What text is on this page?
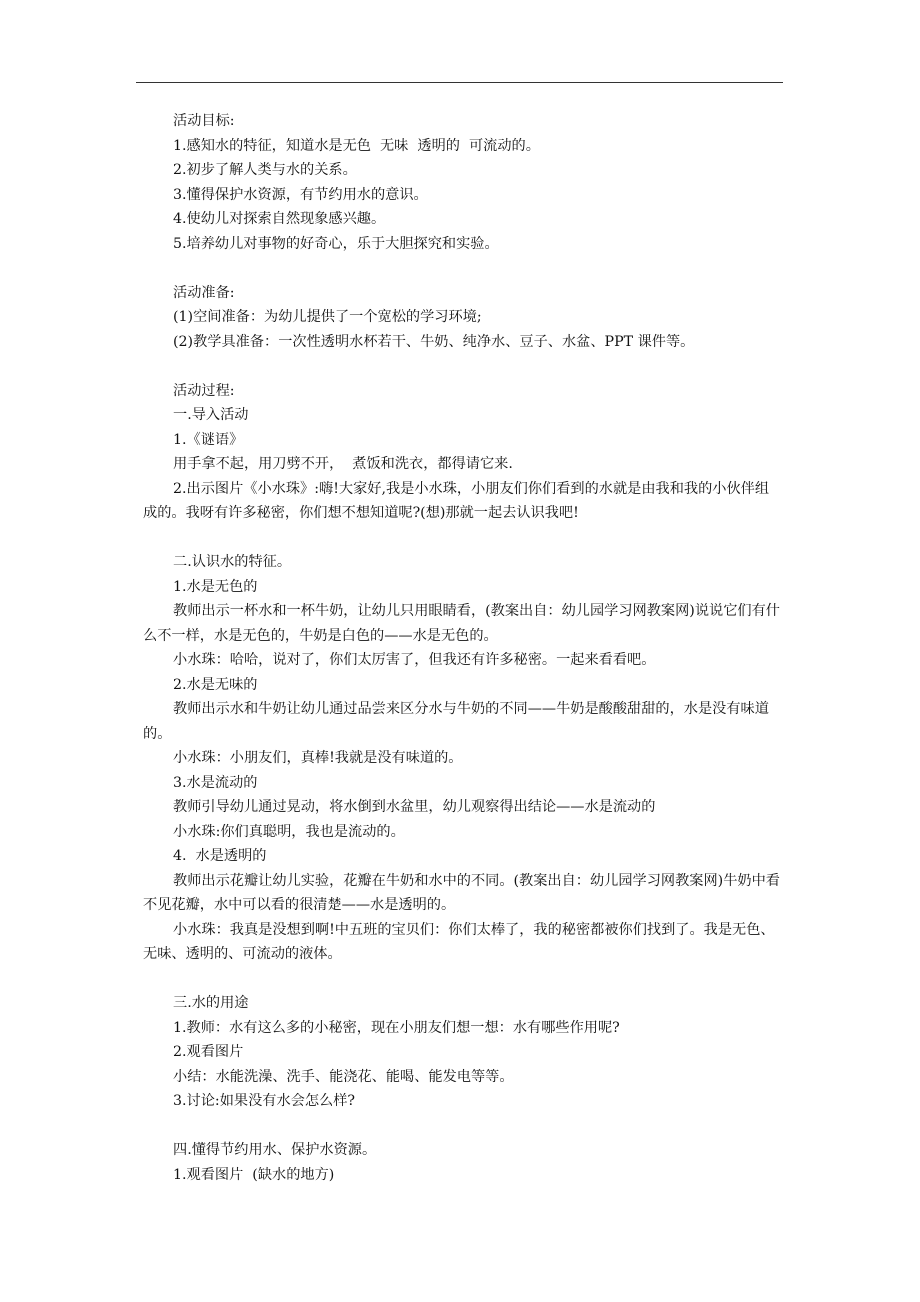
活动目标:

1.感知水的特征，知道水是无色  无味  透明的  可流动的。

2.初步了解人类与水的关系。

3.懂得保护水资源，有节约用水的意识。

4.使幼儿对探索自然现象感兴趣。

5.培养幼儿对事物的好奇心，乐于大胆探究和实验。

活动准备:

(1)空间准备：为幼儿提供了一个宽松的学习环境;

(2)教学具准备：一次性透明水杯若干、牛奶、纯净水、豆子、水盆、PPT 课件等。

活动过程:

一.导入活动

1.《谜语》

用手拿不起，用刀劈不开，  煮饭和洗衣，都得请它来.

2.出示图片《小水珠》:嗨!大家好,我是小水珠，小朋友们你们看到的水就是由我和我的小伙伴组成的。我呀有许多秘密，你们想不想知道呢?(想)那就一起去认识我吧!

二.认识水的特征。

1.水是无色的

教师出示一杯水和一杯牛奶，让幼儿只用眼睛看，(教案出自：幼儿园学习网教案网)说说它们有什么不一样，水是无色的，牛奶是白色的——水是无色的。

小水珠：哈哈，说对了，你们太厉害了，但我还有许多秘密。一起来看看吧。

2.水是无味的

教师出示水和牛奶让幼儿通过品尝来区分水与牛奶的不同——牛奶是酸酸甜甜的，水是没有味道的。

小水珠：小朋友们，真棒!我就是没有味道的。

3.水是流动的

教师引导幼儿通过晃动，将水倒到水盆里，幼儿观察得出结论——水是流动的

小水珠:你们真聪明，我也是流动的。

4.  水是透明的

教师出示花瓣让幼儿实验，花瓣在牛奶和水中的不同。(教案出自：幼儿园学习网教案网)牛奶中看不见花瓣，水中可以看的很清楚——水是透明的。

小水珠：我真是没想到啊!中五班的宝贝们：你们太棒了，我的秘密都被你们找到了。我是无色、无味、透明的、可流动的液体。

三.水的用途

1.教师：水有这么多的小秘密，现在小朋友们想一想：水有哪些作用呢?

2.观看图片

小结：水能洗澡、洗手、能浇花、能喝、能发电等等。

3.讨论:如果没有水会怎么样?

四.懂得节约用水、保护水资源。

1.观看图片  (缺水的地方)
